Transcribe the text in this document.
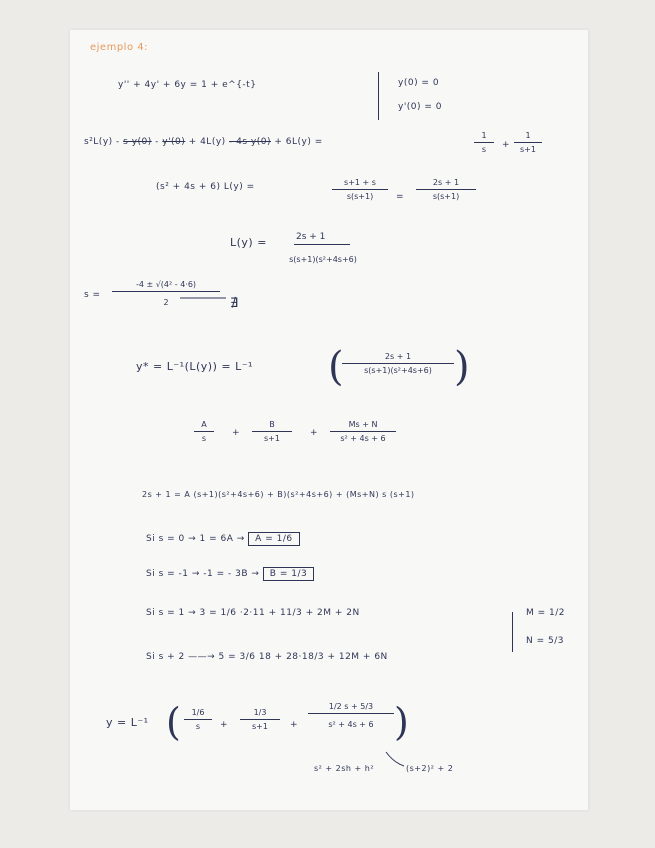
ejemplo 4:
y'' + 4y' + 6y = 1 + e^{-t}	y(0) = 0
y'(0) = 0
s²L(y) - s y(0) - y'(0) + 4L(y) - 4s y(0) + 6L(y) =
1
s	+
1
s+1
(s² + 4s + 6) L(y) =	s+1 + s
s(s+1)	=
2s + 1
s(s+1)
L(y) =	2s + 1
s(s+1)(s²+4s+6)
s =
-4 ± √(4² - 4·6)
2	∄
y* = L⁻¹(L(y)) = L⁻¹ (	2s + 1
s(s+1)(s²+4s+6) )
A
s
+
B
s+1
+
Ms + N
s² + 4s + 6
2s + 1 = A (s+1)(s²+4s+6) + B)(s²+4s+6) + (Ms+N) s (s+1)
Si s = 0 → 1 = 6A → A = 1/6
Si s = -1 → -1 = - 3B → B = 1/3
Si s = 1 → 3 = 1/6 ·2·11 + 11/3 + 2M + 2N
Si s + 2 ——→ 5 = 3/6 18 + 28·18/3 + 12M + 6N
M = 1/2
N = 5/3
y = L⁻¹ (	1/6
s	+
1/3
s+1	+
1/2 s + 5/3
s² + 4s + 6 )
s² + 2sh + h²	(s+2)² + 2
